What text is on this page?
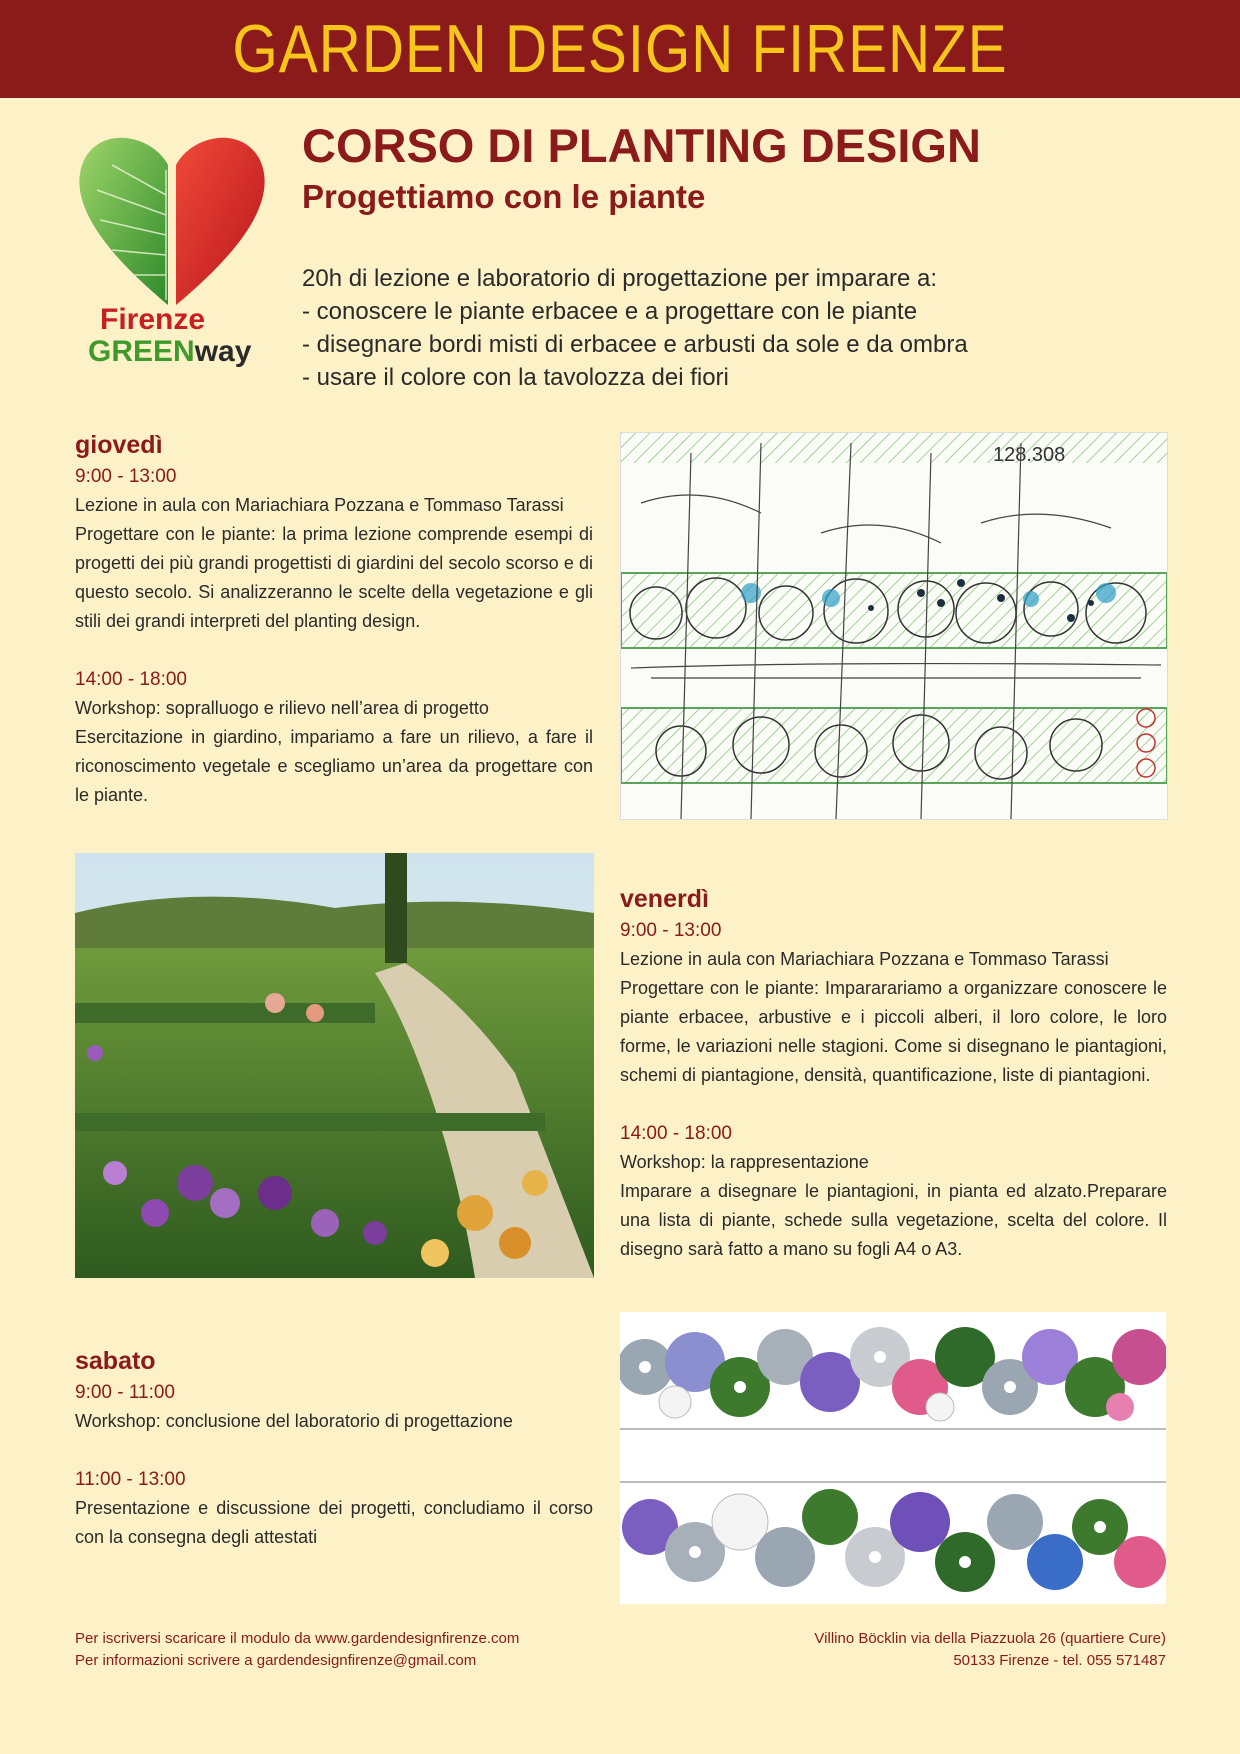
GARDEN DESIGN FIRENZE
Firenze
GREENway
CORSO DI PLANTING DESIGN
Progettiamo con le piante
20h di lezione e laboratorio di progettazione per imparare a:
- conoscere le piante erbacee e a progettare con le piante
- disegnare bordi misti di erbacee e arbusti da sole e da ombra
- usare il colore con la tavolozza dei fiori
giovedì
9:00 - 13:00
Lezione in aula con Mariachiara Pozzana e Tommaso Tarassi
Progettare con le piante: la prima lezione comprende esempi di progetti dei più grandi progettisti di giardini del secolo scorso e di questo secolo. Si analizzeranno le scelte della vegetazione e gli stili dei grandi interpreti del planting design.
14:00 - 18:00
Workshop: sopralluogo e rilievo nell’area di progetto
Esercitazione in giardino, impariamo a fare un rilievo, a fare il riconoscimento vegetale e scegliamo un’area da progettare con le piante.
128.308
venerdì
9:00 - 13:00
Lezione in aula con Mariachiara Pozzana e Tommaso Tarassi
Progettare con le piante: Impararariamo a organizzare conoscere le piante erbacee, arbustive e i piccoli alberi, il loro colore, le loro forme, le variazioni nelle stagioni. Come si disegnano le piantagioni, schemi di piantagione, densità, quantificazione, liste di piantagioni.
14:00 - 18:00
Workshop: la rappresentazione
Imparare a disegnare le piantagioni, in pianta ed alzato.Preparare una lista di piante, schede sulla vegetazione, scelta del colore. Il disegno sarà fatto a mano su fogli A4 o A3.
sabato
9:00 - 11:00
Workshop: conclusione del laboratorio di progettazione
11:00 - 13:00
Presentazione e discussione dei progetti, concludiamo il corso con la consegna degli attestati
Per iscriversi scaricare il modulo da www.gardendesignfirenze.com
Per informazioni scrivere a gardendesignfirenze@gmail.com
Villino Böcklin via della Piazzuola 26 (quartiere Cure)
50133 Firenze - tel. 055 571487
